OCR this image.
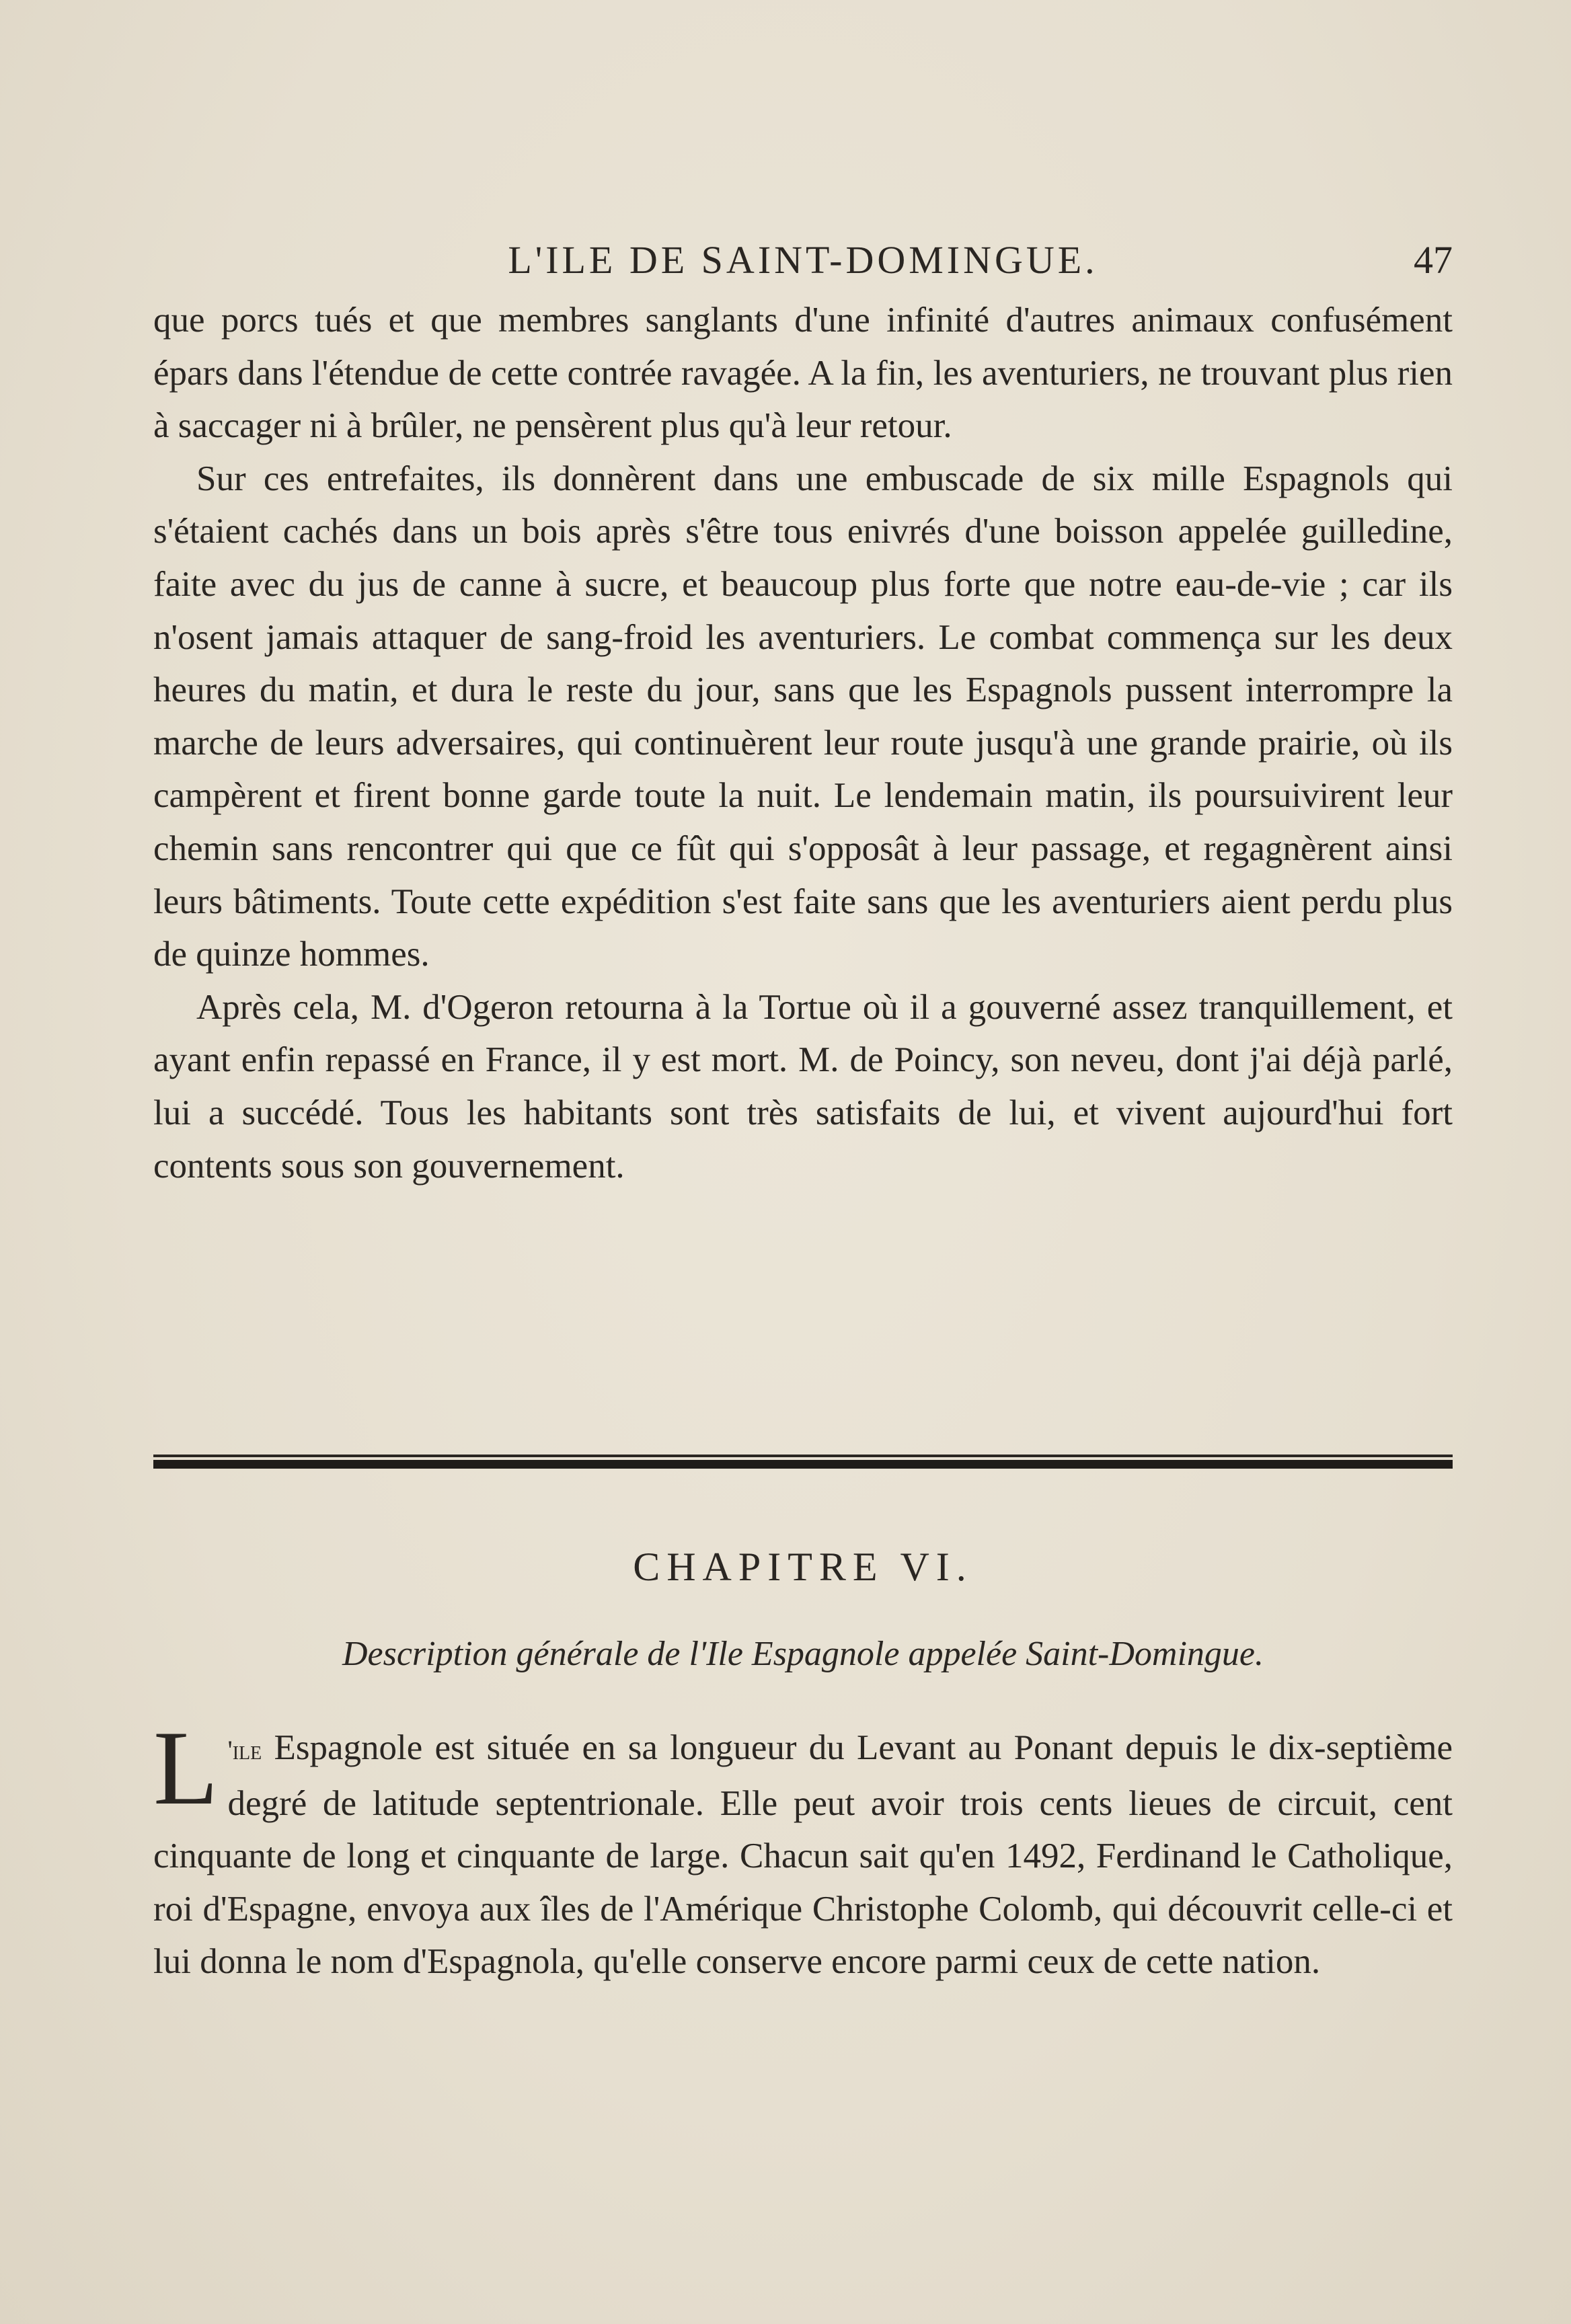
L'ILE DE SAINT-DOMINGUE.	47

que porcs tués et que membres sanglants d'une infinité d'autres animaux confusément épars dans l'étendue de cette contrée ravagée. A la fin, les aventuriers, ne trouvant plus rien à saccager ni à brûler, ne pensèrent plus qu'à leur retour.

Sur ces entrefaites, ils donnèrent dans une embuscade de six mille Espagnols qui s'étaient cachés dans un bois après s'être tous enivrés d'une boisson appelée guilledine, faite avec du jus de canne à sucre, et beaucoup plus forte que notre eau-de-vie ; car ils n'osent jamais attaquer de sang-froid les aventuriers. Le combat commença sur les deux heures du matin, et dura le reste du jour, sans que les Espagnols pussent interrompre la marche de leurs adversaires, qui continuèrent leur route jusqu'à une grande prairie, où ils campèrent et firent bonne garde toute la nuit. Le lendemain matin, ils poursuivirent leur chemin sans rencontrer qui que ce fût qui s'opposât à leur passage, et regagnèrent ainsi leurs bâtiments. Toute cette expédition s'est faite sans que les aventuriers aient perdu plus de quinze hommes.

Après cela, M. d'Ogeron retourna à la Tortue où il a gouverné assez tranquillement, et ayant enfin repassé en France, il y est mort. M. de Poincy, son neveu, dont j'ai déjà parlé, lui a succédé. Tous les habitants sont très satisfaits de lui, et vivent aujourd'hui fort contents sous son gouvernement.

CHAPITRE VI.
Description générale de l'Ile Espagnole appelée Saint-Domingue.

L 'ile Espagnole est située en sa longueur du Levant au Ponant depuis le dix-septième degré de latitude septentrionale. Elle peut avoir trois cents lieues de circuit, cent cinquante de long et cinquante de large. Chacun sait qu'en 1492, Ferdinand le Catholique, roi d'Espagne, envoya aux îles de l'Amérique Christophe Colomb, qui découvrit celle-ci et lui donna le nom d'Espagnola, qu'elle conserve encore parmi ceux de cette nation.
